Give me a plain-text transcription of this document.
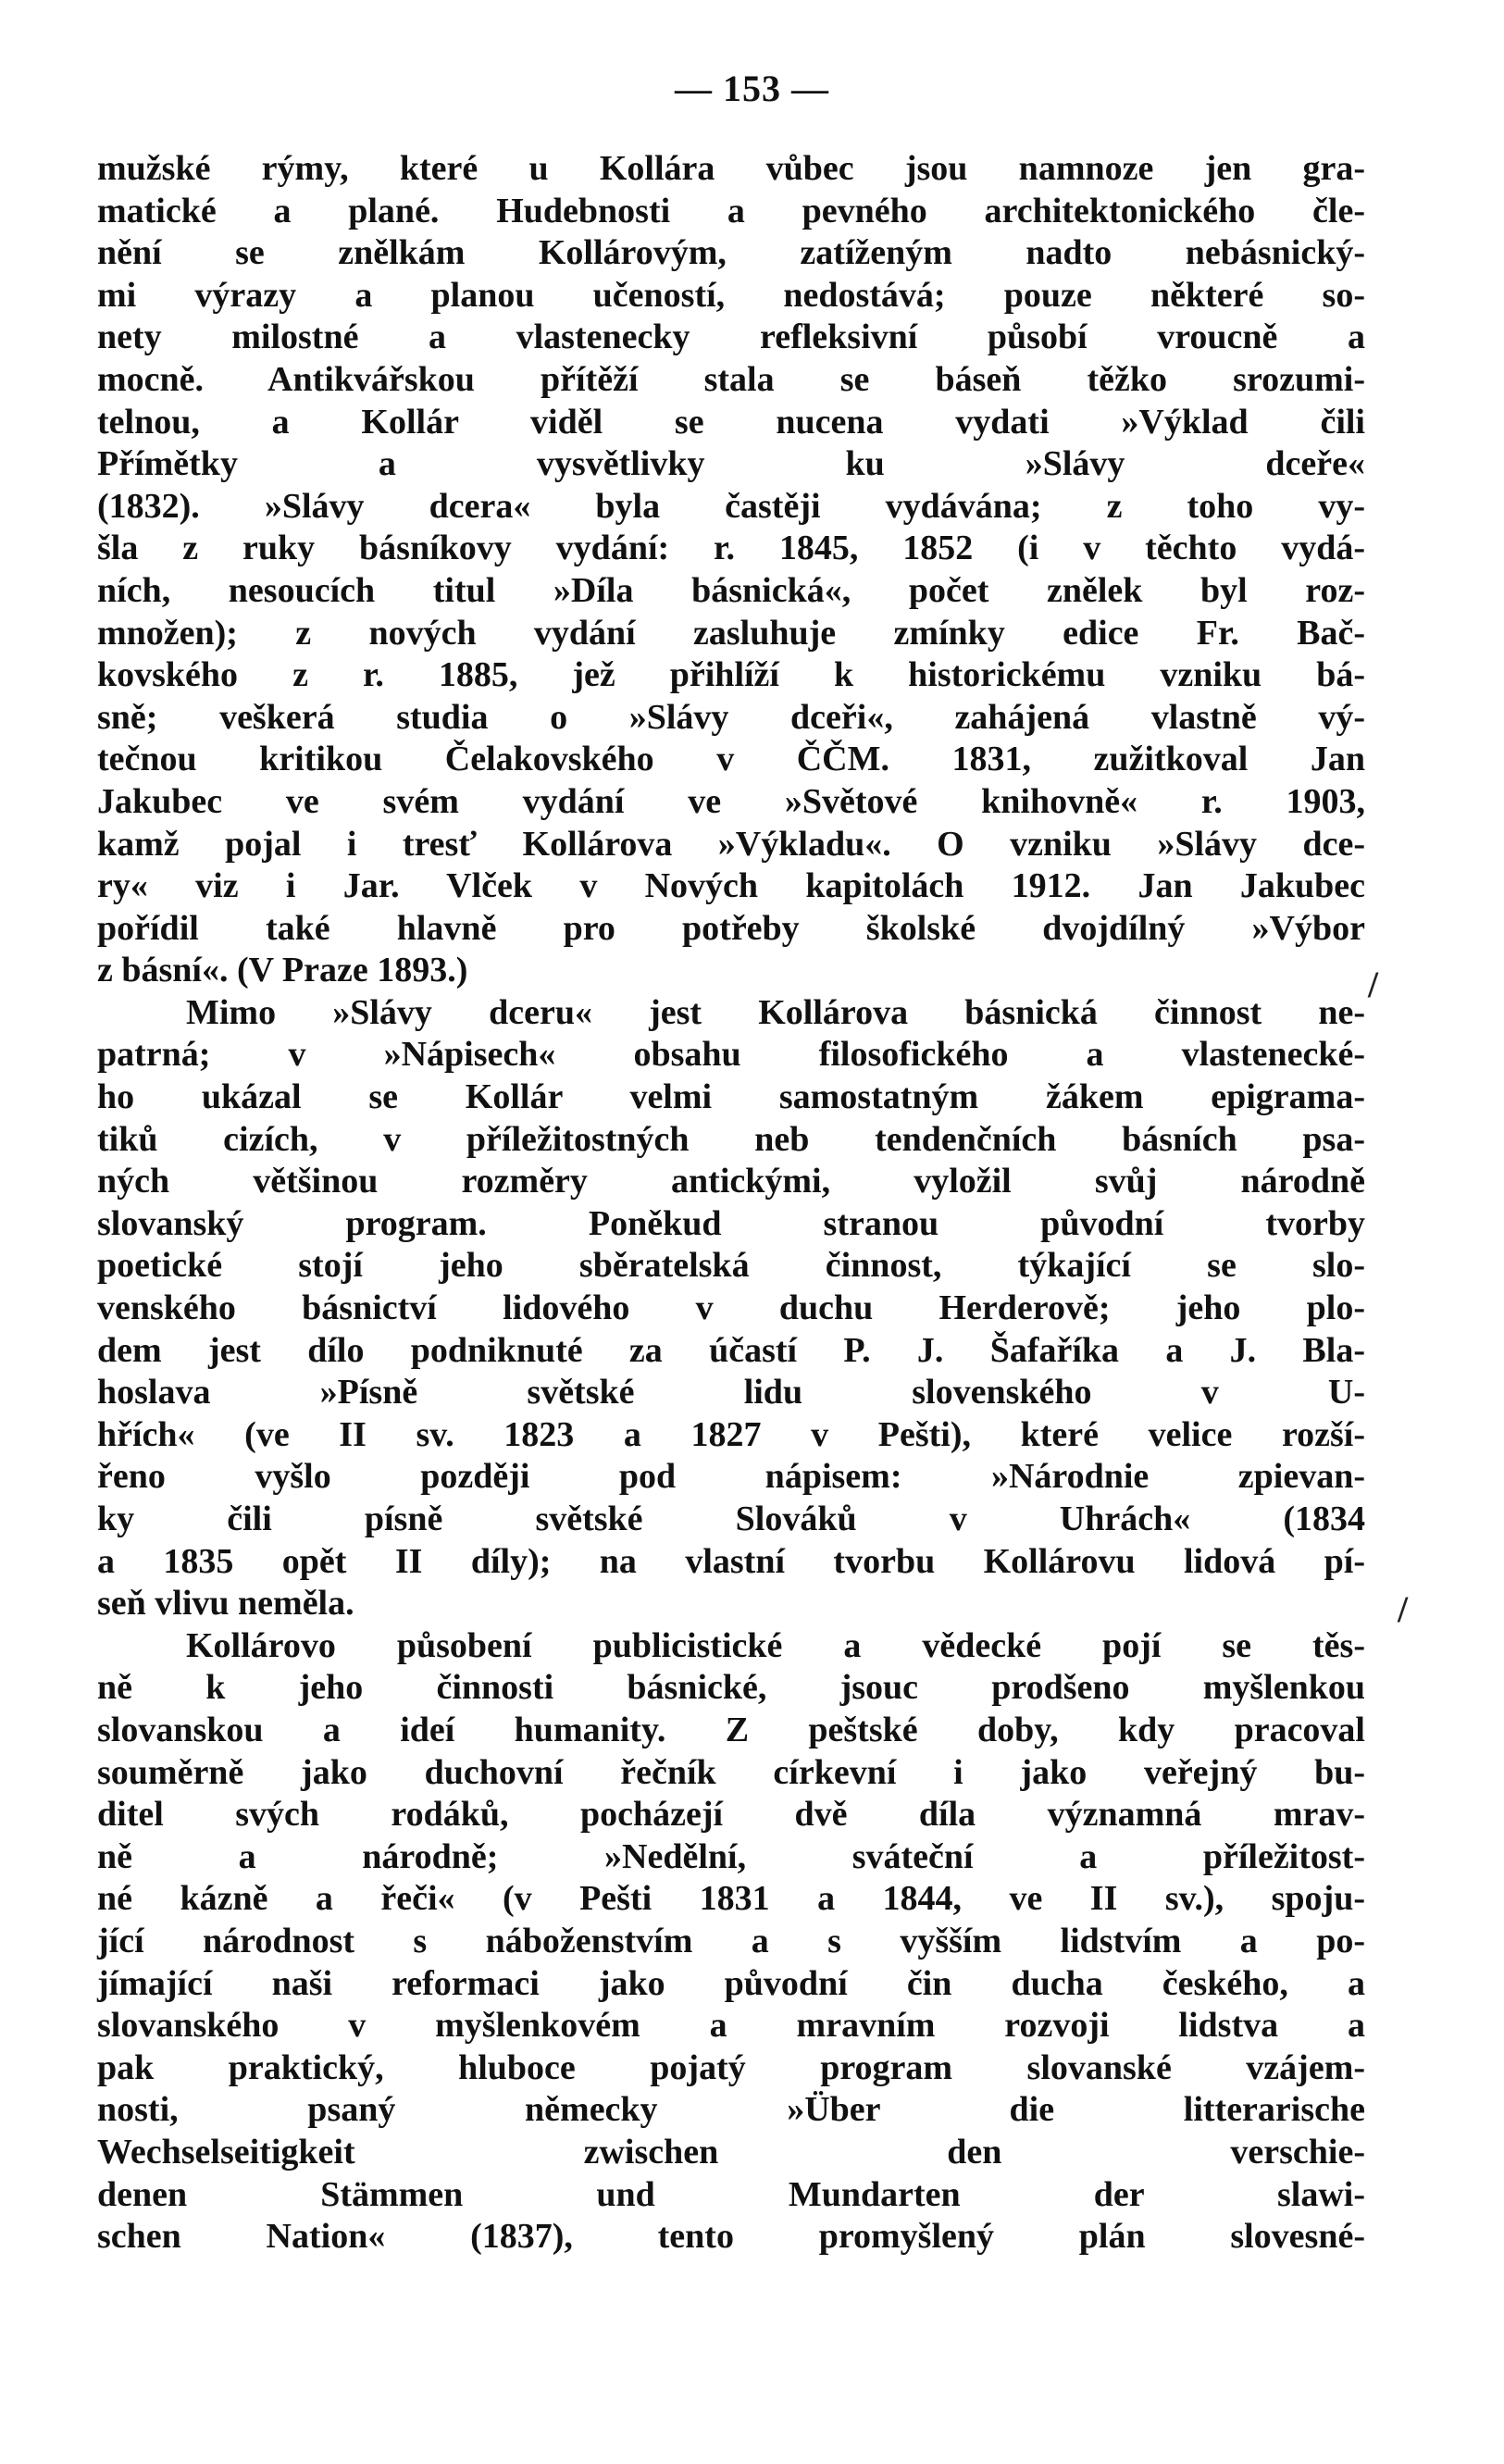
— 153 —
mužské rýmy, které u Kollára vůbec jsou namnoze jen gra-
matické a plané. Hudebnosti a pevného architektonického čle-
nění se znělkám Kollárovým, zatíženým nadto nebásnický-
mi výrazy a planou učeností, nedostává; pouze některé so-
nety milostné a vlastenecky refleksivní působí vroucně a
mocně. Antikvářskou přítěží stala se báseň těžko srozumi-
telnou, a Kollár viděl se nucena vydati »Výklad čili
Přímětky a vysvětlivky ku »Slávy dceře«
(1832). »Slávy dcera« byla častěji vydávána; z toho vy-
šla z ruky básníkovy vydání: r. 1845, 1852 (i v těchto vydá-
ních, nesoucích titul »Díla básnická«, počet znělek byl roz-
množen); z nových vydání zasluhuje zmínky edice Fr. Bač-
kovského z r. 1885, jež přihlíží k historickému vzniku bá-
sně; veškerá studia o »Slávy dceři«, zahájená vlastně vý-
tečnou kritikou Čelakovského v ČČM. 1831, zužitkoval Jan
Jakubec ve svém vydání ve »Světové knihovně« r. 1903,
kamž pojal i tresť Kollárova »Výkladu«. O vzniku »Slávy dce-
ry« viz i Jar. Vlček v Nových kapitolách 1912. Jan Jakubec
pořídil také hlavně pro potřeby školské dvojdílný »Výbor
z básní«. (V Praze 1893.)
Mimo »Slávy dceru« jest Kollárova básnická činnost ne-
patrná; v »Nápisech« obsahu filosofického a vlastenecké-
ho ukázal se Kollár velmi samostatným žákem epigrama-
tiků cizích, v příležitostných neb tendenčních básních psa-
ných většinou rozměry antickými, vyložil svůj národně
slovanský program. Poněkud stranou původní tvorby
poetické stojí jeho sběratelská činnost, týkající se slo-
venského básnictví lidového v duchu Herderově; jeho plo-
dem jest dílo podniknuté za účastí P. J. Šafaříka a J. Bla-
hoslava »Písně světské lidu slovenského v U-
hřích« (ve II sv. 1823 a 1827 v Pešti), které velice rozší-
řeno vyšlo později pod nápisem: »Národnie zpievan-
ky čili písně světské Slováků v Uhrách« (1834
a 1835 opět II díly); na vlastní tvorbu Kollárovu lidová pí-
seň vlivu neměla.
Kollárovo působení publicistické a vědecké pojí se těs-
ně k jeho činnosti básnické, jsouc prodšeno myšlenkou
slovanskou a ideí humanity. Z peštské doby, kdy pracoval
souměrně jako duchovní řečník církevní i jako veřejný bu-
ditel svých rodáků, pocházejí dvě díla významná mrav-
ně a národně; »Nedělní, sváteční a příležitost-
né kázně a řeči« (v Pešti 1831 a 1844, ve II sv.), spoju-
jící národnost s náboženstvím a s vyšším lidstvím a po-
jímající naši reformaci jako původní čin ducha českého, a
slovanského v myšlenkovém a mravním rozvoji lidstva a
pak praktický, hluboce pojatý program slovanské vzájem-
nosti, psaný německy »Über die litterarische
Wechselseitigkeit zwischen den verschie-
denen Stämmen und Mundarten der slawi-
schen Nation« (1837), tento promyšlený plán slovesné-
/
/
